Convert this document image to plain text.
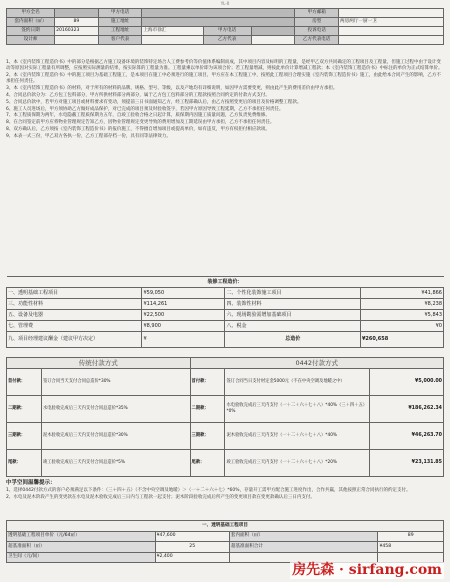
YL-0
甲方全名		甲方电话				甲方邮箱	
套内面积（㎡）	89	施工地址				房型	两房两厅一厨一卫
签约日期	20160323	工程地址	上海市徐汇	甲方电话		投诉电话	
设计师		客户代表		乙方代表		乙方代表电话	

1、本《室内装饰工程造价书》中的部分是根据乙方施工设备环境的装饰特定场合人工费参考价等价值体系编制而成，其中项目内容及标明的工程量，是经甲乙双方共同确定的工程项目及工程量，但施工过程中由于设计变动等原因对实际工程量有所调整，应按照实际测量的结果，按实际算的工程量为准。工程量乘以单价即为该项合价；若工程量增减，则按此单价计算增减工程款；本《室内装饰工程造价书》中标注的单价为正式结算单价。

2、本《室内装饰工程造价书》中的施工项目为基础工程施工，是本项目在施工中必须进行的施工项目，甲方应在本工程施工中，按照此工程项目合理实施《室内装饰工程造价书》施工，由此给本合同产生的影响，乙方不承担任何责任。

3、本《室内装饰工程造价书》的材料，对于所有的材料的品牌、规格、型号、等级，以及产地均有详细说明，如因甲方需要变更，则由此产生的费用差价由甲方承担。

4、合同总价款分为：乙方包工包料部分，甲方所供材料部分两部分，属于乙方包工包料部分的工程款按照合同约定的付款方式支付。

5、合同总价款中，若甲方对施工项目或材料要求有变动，须提前三日书面通知乙方，经工程部确认后，由乙方按照变更后的项目及价格调整工程款。

6、施工人员进场后，甲方须协助乙方做好成品保护，对已完成的项目须及时验收签字，若因甲方原因导致工程延期，乙方不承担任何责任。

7、本工程质保期为两年，水电隐蔽工程质保期为五年，自竣工验收合格之日起计算，质保期内因施工质量问题，乙方负责免费维修。

8、在合同签定前甲方应将物业管理规定告知乙方，因物业管理规定变更导致的费用增加及工期延误由甲方承担，乙方不承担任何责任。

8、双方确认后，乙方须按《室内装饰工程造价书》的报价施工，不得擅自增加项目或提高单价，如有违反，甲方有权拒付相应款项。

9、本表一式三份，甲乙双方各执一份，乙方工程部存档一份，具有同等法律效力。

装修工程造价：			
一、透明基础工程项目	¥59,050	二、个性化装饰施工项目	¥41,866
三、功能性材料	¥114,261	四、装饰性材料	¥8,238
五、设备及电器	¥22,500	六、现场勘验需增加基础项目	¥5,843
七、管理费	¥8,900	八、税金	¥0
九、项目经理建议酬金（建议甲方决定）	¥	总造价	¥260,658
传统付款方式		0442付款方式		
首付款：	签订合同当天支付合同总造价*30%	首付款：	签订合同当日支付材定金5000元（不在中央空调及地暖之中）	¥5,000.00
二期款：	水电验收完成后三天内支付合同总造价*35%	二期款：	水电验收完成后三天内支付（一＋二＋六＋七＋八）*40%（三＋四＋五）*0%	¥186,262.34
三期款：	泥木验收完成后三天内支付合同总造价*30%	三期款：	泥木验收完成后三天内支付（一＋二＋六＋七＋八）*40%	¥46,263.70
尾款：	竣工验收完成后三天内支付合同总造价*5%	尾款：	竣工验收完成后三天内支付（一＋二＋六＋七＋八）*20%	¥23,131.85
中孚空间温馨提示：

1、选择0442付款方式的客户必须满足以下条件：（三＋四＋五）（不含中央空调及地暖）＞（一＋二＋六＋七）*60%，存量开工需甲方配合施工进度作出，合作共赢，其他按照正常合同执行的约定支付。

2、水电及泥木阶段产生的变更款在水电及泥木验收完成后三日内与工程款一起支付；泥木阶段验收完成后所产生的变更项目款在变更款确认后三日内支付。

一、透明基础工程项目			
透明基础工程项目单价（元/64㎡）	¥47,600	套内面积（㎡）	89
超基准面积（㎡）	25	超基准面积合计	¥458
卫生间（元/间）	¥2,400		
房先森 · sirfang.com
